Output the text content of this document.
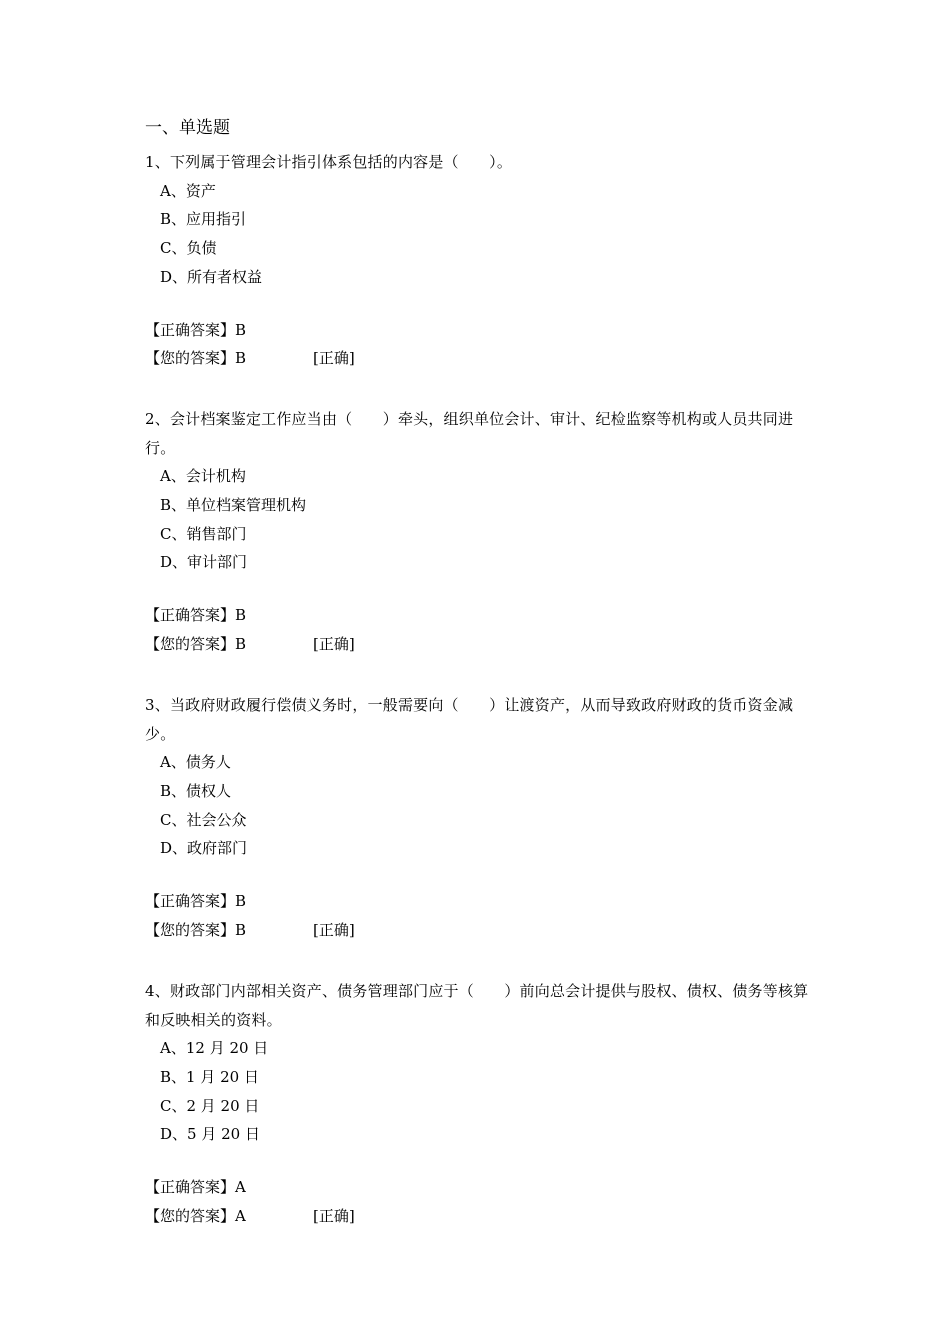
一、单选题

1、下列属于管理会计指引体系包括的内容是（　　）。

A、资产
B、应用指引
C、负债
D、所有者权益
【正确答案】B
【您的答案】B	[正确]

2、会计档案鉴定工作应当由（　　）牵头，组织单位会计、审计、纪检监察等机构或人员共同进行。

A、会计机构
B、单位档案管理机构
C、销售部门
D、审计部门
【正确答案】B
【您的答案】B	[正确]

3、当政府财政履行偿债义务时，一般需要向（　　）让渡资产，从而导致政府财政的货币资金减少。

A、债务人
B、债权人
C、社会公众
D、政府部门
【正确答案】B
【您的答案】B	[正确]

4、财政部门内部相关资产、债务管理部门应于（　　）前向总会计提供与股权、债权、债务等核算和反映相关的资料。

A、12 月 20 日
B、1 月 20 日
C、2 月 20 日
D、5 月 20 日
【正确答案】A
【您的答案】A	[正确]
